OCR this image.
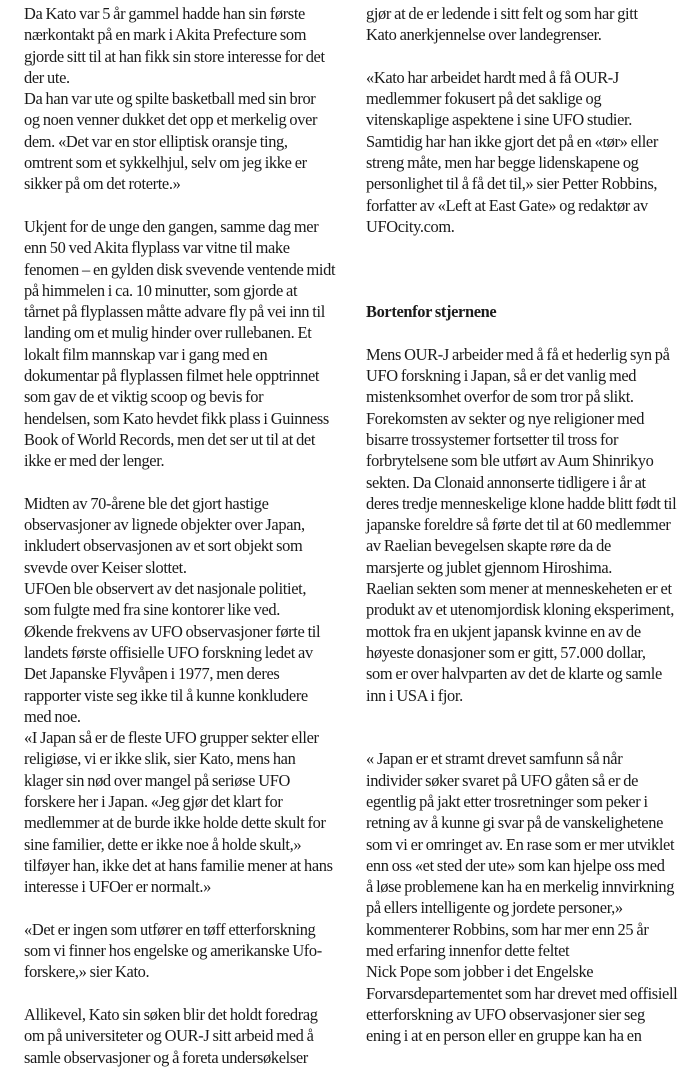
Da Kato var 5 år gammel hadde han sin første
nærkontakt på en mark i Akita Prefecture som
gjorde sitt til at han fikk sin store interesse for det
der ute.
Da han var ute og spilte basketball med sin bror
og noen venner dukket det opp et merkelig over
dem. «Det var en stor elliptisk oransje ting,
omtrent som et sykkelhjul, selv om jeg ikke er
sikker på om det roterte.»
Ukjent for de unge den gangen, samme dag mer
enn 50 ved Akita flyplass var vitne til make
fenomen – en gylden disk svevende ventende midt
på himmelen i ca. 10 minutter, som gjorde at
tårnet på flyplassen måtte advare fly på vei inn til
landing om et mulig hinder over rullebanen. Et
lokalt film mannskap var i gang med en
dokumentar på flyplassen filmet hele opptrinnet
som gav de et viktig scoop og bevis for
hendelsen, som Kato hevdet fikk plass i Guinness
Book of World Records, men det ser ut til at det
ikke er med der lenger.
Midten av 70-årene ble det gjort hastige
observasjoner av lignede objekter over Japan,
inkludert observasjonen av et sort objekt som
svevde over Keiser slottet.
UFOen ble observert av det nasjonale politiet,
som fulgte med fra sine kontorer like ved.
Økende frekvens av UFO observasjoner førte til
landets første offisielle UFO forskning ledet av
Det Japanske Flyvåpen i 1977, men deres
rapporter viste seg ikke til å kunne konkludere
med noe.
«I Japan så er de fleste UFO grupper sekter eller
religiøse, vi er ikke slik, sier Kato, mens han
klager sin nød over mangel på seriøse UFO
forskere her i Japan. «Jeg gjør det klart for
medlemmer at de burde ikke holde dette skult for
sine familier, dette er ikke noe å holde skult,»
tilføyer han, ikke det at hans familie mener at hans
interesse i UFOer er normalt.»
«Det er ingen som utfører en tøff etterforskning
som vi finner hos engelske og amerikanske Ufo-
forskere,» sier Kato.
Allikevel, Kato sin søken blir det holdt foredrag
om på universiteter og OUR-J sitt arbeid med å
samle observasjoner og å foreta undersøkelser
gjør at de er ledende i sitt felt og som har gitt
Kato anerkjennelse over landegrenser.
«Kato har arbeidet hardt med å få OUR-J
medlemmer fokusert på det saklige og
vitenskaplige aspektene i sine UFO studier.
Samtidig har han ikke gjort det på en «tør» eller
streng måte, men har begge lidenskapene og
personlighet til å få det til,» sier Petter Robbins,
forfatter av «Left at East Gate» og redaktør av
UFOcity.com.
Bortenfor stjernene
Mens OUR-J arbeider med å få et hederlig syn på
UFO forskning i Japan, så er det vanlig med
mistenksomhet overfor de som tror på slikt.
Forekomsten av sekter og nye religioner med
bisarre trossystemer fortsetter til tross for
forbrytelsene som ble utført av Aum Shinrikyo
sekten. Da Clonaid annonserte tidligere i år at
deres tredje menneskelige klone hadde blitt født til
japanske foreldre så førte det til at 60 medlemmer
av Raelian bevegelsen skapte røre da de
marsjerte og jublet gjennom Hiroshima.
Raelian sekten som mener at menneskeheten er et
produkt av et utenomjordisk kloning eksperiment,
mottok fra en ukjent japansk kvinne en av de
høyeste donasjoner som er gitt, 57.000 dollar,
som er over halvparten av det de klarte og samle
inn i USA i fjor.
« Japan er et stramt drevet samfunn så når
individer søker svaret på UFO gåten så er de
egentlig på jakt etter trosretninger som peker i
retning av å kunne gi svar på de vanskelighetene
som vi er omringet av. En rase som er mer utviklet
enn oss «et sted der ute» som kan hjelpe oss med
å løse problemene kan ha en merkelig innvirkning
på ellers intelligente og jordete personer,»
kommenterer Robbins, som har mer enn 25 år
med erfaring innenfor dette feltet
Nick Pope som jobber i det Engelske
Forvarsdepartementet som har drevet med offisiell
etterforskning av UFO observasjoner sier seg
ening i at en person eller en gruppe kan ha en
